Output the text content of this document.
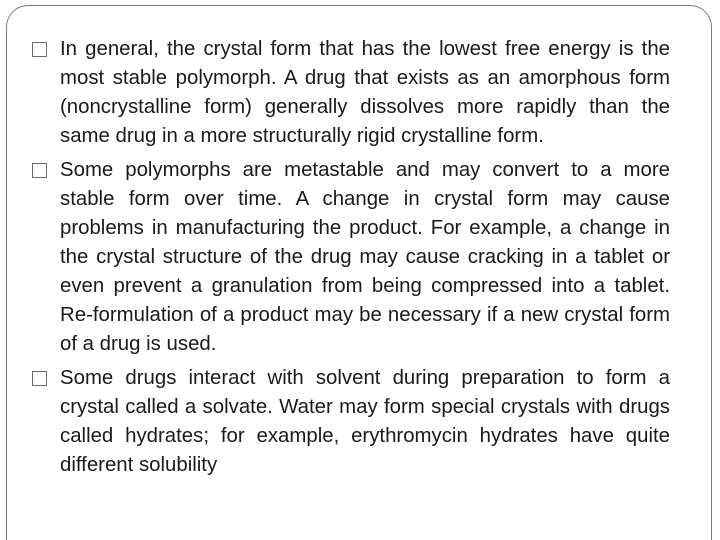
In general, the crystal form that has the lowest free energy is the most stable polymorph. A drug that exists as an amorphous form (noncrystalline form) generally dissolves more rapidly than the same drug in a more structurally rigid crystalline form.
Some polymorphs are metastable and may convert to a more stable form over time. A change in crystal form may cause problems in manufacturing the product. For example, a change in the crystal structure of the drug may cause cracking in a tablet or even prevent a granulation from being compressed into a tablet. Re-formulation of a product may be necessary if a new crystal form of a drug is used.
Some drugs interact with solvent during preparation to form a crystal called a solvate. Water may form special crystals with drugs called hydrates; for example, erythromycin hydrates have quite different solubility
